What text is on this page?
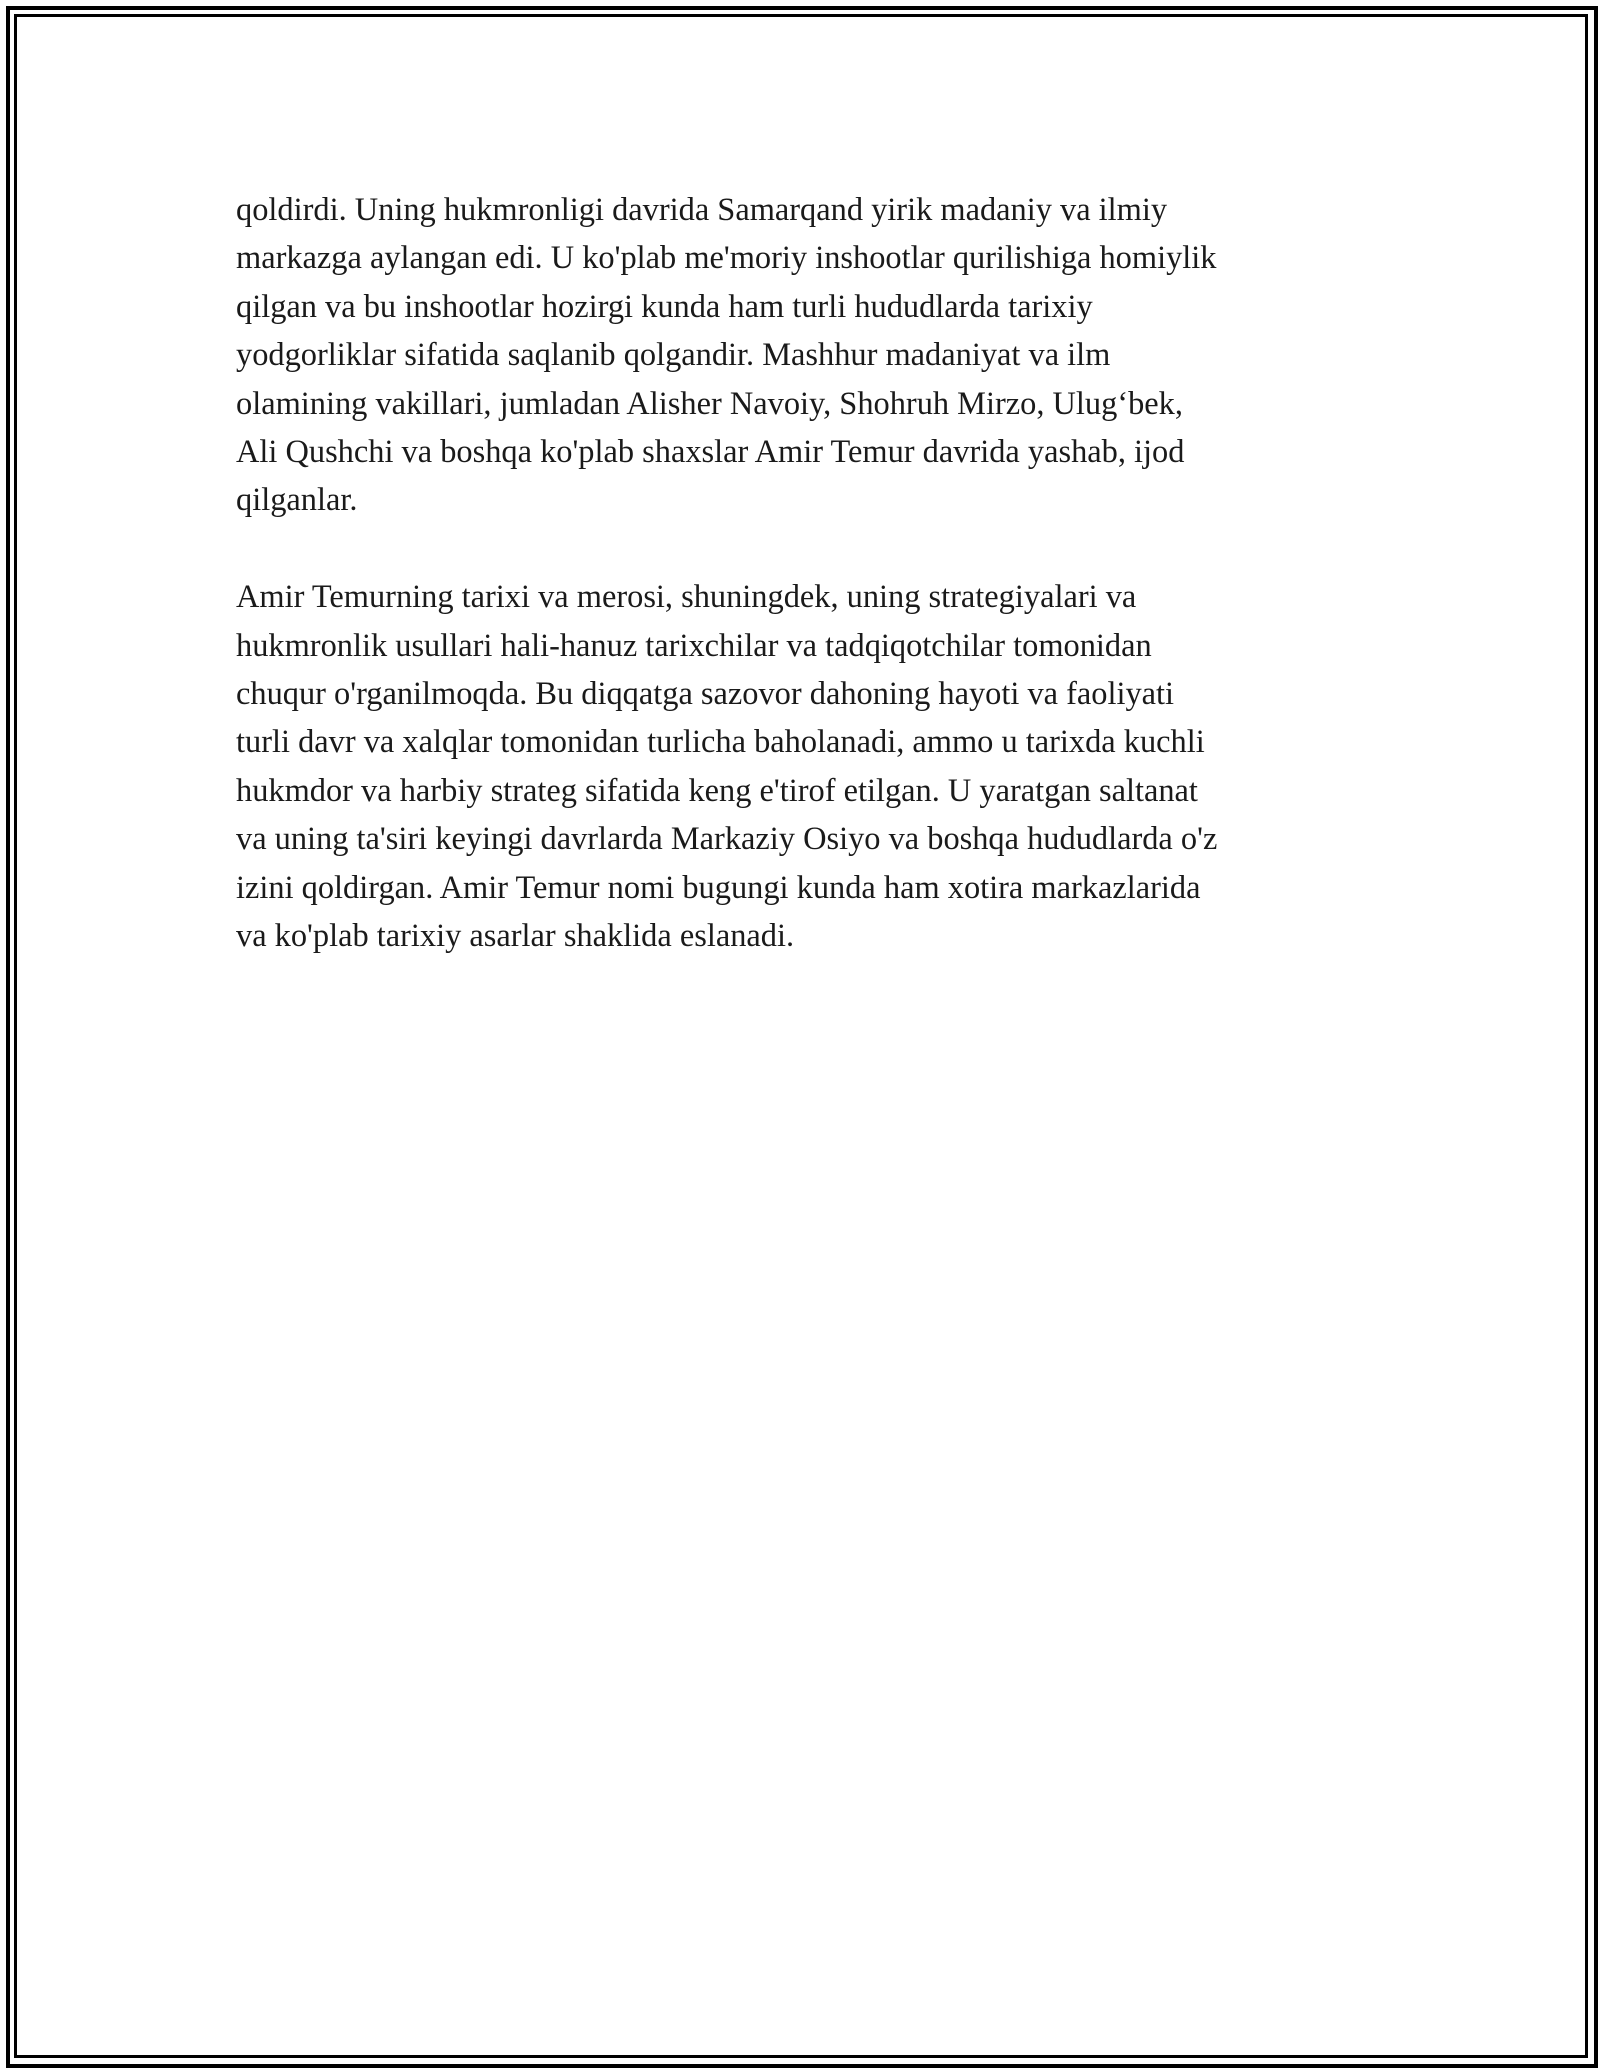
qoldirdi. Uning hukmronligi davrida Samarqand yirik madaniy va ilmiy
markazga aylangan edi. U ko'plab me'moriy inshootlar qurilishiga homiylik
qilgan va bu inshootlar hozirgi kunda ham turli hududlarda tarixiy
yodgorliklar sifatida saqlanib qolgandir. Mashhur madaniyat va ilm
olamining vakillari, jumladan Alisher Navoiy, Shohruh Mirzo, Ulug‘bek,
Ali Qushchi va boshqa ko'plab shaxslar Amir Temur davrida yashab, ijod
qilganlar.
Amir Temurning tarixi va merosi, shuningdek, uning strategiyalari va
hukmronlik usullari hali-hanuz tarixchilar va tadqiqotchilar tomonidan
chuqur o'rganilmoqda. Bu diqqatga sazovor dahoning hayoti va faoliyati
turli davr va xalqlar tomonidan turlicha baholanadi, ammo u tarixda kuchli
hukmdor va harbiy strateg sifatida keng e'tirof etilgan. U yaratgan saltanat
va uning ta'siri keyingi davrlarda Markaziy Osiyo va boshqa hududlarda o'z
izini qoldirgan. Amir Temur nomi bugungi kunda ham xotira markazlarida
va ko'plab tarixiy asarlar shaklida eslanadi.
